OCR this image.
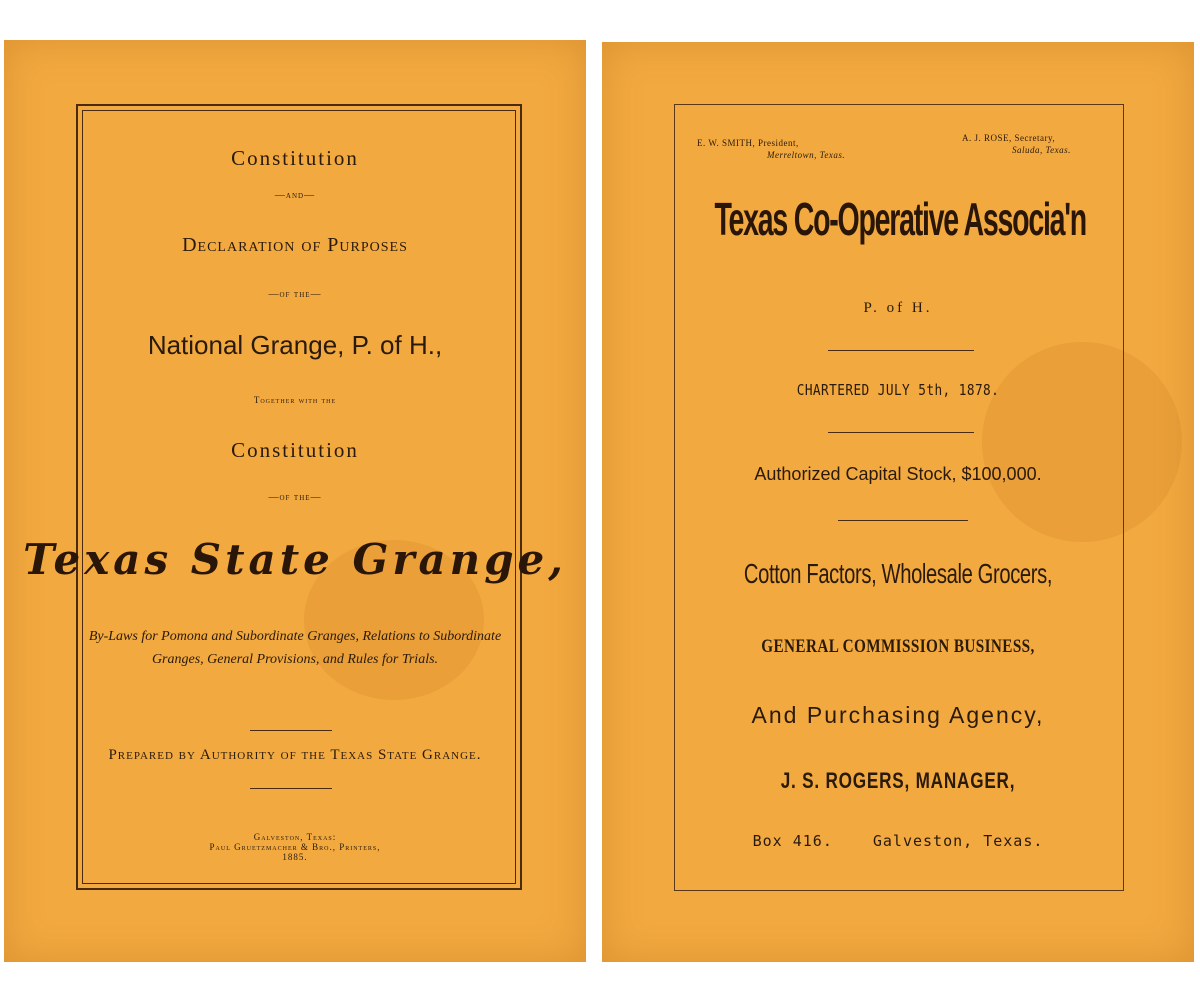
Constitution
—and—
Declaration of Purposes
—of the—
National Grange, P. of H.,
Together with the
Constitution
—of the—
Texas State Grange,
By-Laws for Pomona and Subordinate Granges, Relations to Subordinate Granges, General Provisions, and Rules for Trials.
Prepared by Authority of the Texas State Grange.
Galveston, Texas:
Paul Gruetzmacher & Bro., Printers,
1885.
E. W. SMITH, President,
Merreltown, Texas.
A. J. ROSE, Secretary,
Saluda, Texas.
Texas Co-Operative Associa'n
P. of H.
CHARTERED JULY 5th, 1878.
Authorized Capital Stock, $100,000.
Cotton Factors, Wholesale Grocers,
GENERAL COMMISSION BUSINESS,
And Purchasing Agency,
J. S. ROGERS, MANAGER,
Box 416.	Galveston, Texas.
